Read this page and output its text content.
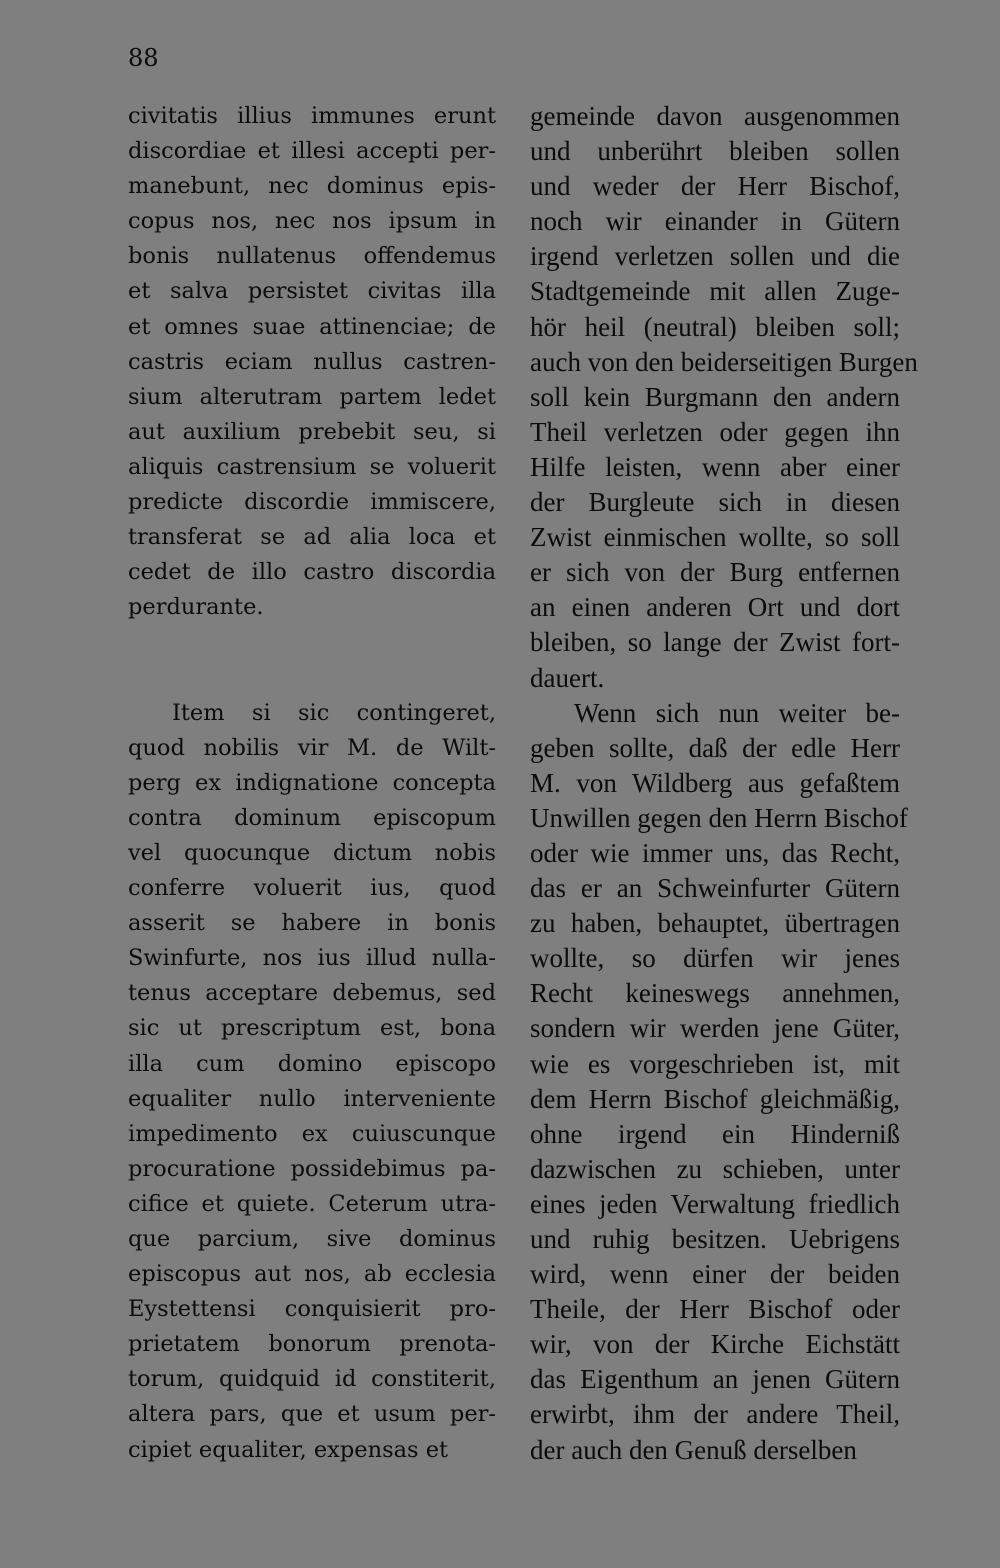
88
civitatis illius immunes erunt
discordiae et illesi accepti per-
manebunt, nec dominus epis-
copus nos, nec nos ipsum in
bonis nullatenus offendemus
et salva persistet civitas illa
et omnes suae attinenciae; de
castris eciam nullus castren-
sium alterutram partem ledet
aut auxilium prebebit seu, si
aliquis castrensium se voluerit
predicte discordie immiscere,
transferat se ad alia loca et
cedet de illo castro discordia
perdurante.
Item si sic contingeret,
quod nobilis vir M. de Wilt-
perg ex indignatione concepta
contra dominum episcopum
vel quocunque dictum nobis
conferre voluerit ius, quod
asserit se habere in bonis
Swinfurte, nos ius illud nulla-
tenus acceptare debemus, sed
sic ut prescriptum est, bona
illa cum domino episcopo
equaliter nullo interveniente
impedimento ex cuiuscunque
procuratione possidebimus pa-
cifice et quiete. Ceterum utra-
que parcium, sive dominus
episcopus aut nos, ab ecclesia
Eystettensi conquisierit pro-
prietatem bonorum prenota-
torum, quidquid id constiterit,
altera pars, que et usum per-
cipiet equaliter, expensas et
gemeinde davon ausgenommen
und unberührt bleiben sollen
und weder der Herr Bischof,
noch wir einander in Gütern
irgend verletzen sollen und die
Stadtgemeinde mit allen Zuge-
hör heil (neutral) bleiben soll;
auch von den beiderseitigen Burgen
soll kein Burgmann den andern
Theil verletzen oder gegen ihn
Hilfe leisten, wenn aber einer
der Burgleute sich in diesen
Zwist einmischen wollte, so soll
er sich von der Burg entfernen
an einen anderen Ort und dort
bleiben, so lange der Zwist fort-
dauert.
Wenn sich nun weiter be-
geben sollte, daß der edle Herr
M. von Wildberg aus gefaßtem
Unwillen gegen den Herrn Bischof
oder wie immer uns, das Recht,
das er an Schweinfurter Gütern
zu haben, behauptet, übertragen
wollte, so dürfen wir jenes
Recht keineswegs annehmen,
sondern wir werden jene Güter,
wie es vorgeschrieben ist, mit
dem Herrn Bischof gleichmäßig,
ohne irgend ein Hinderniß
dazwischen zu schieben, unter
eines jeden Verwaltung friedlich
und ruhig besitzen. Uebrigens
wird, wenn einer der beiden
Theile, der Herr Bischof oder
wir, von der Kirche Eichstätt
das Eigenthum an jenen Gütern
erwirbt, ihm der andere Theil,
der auch den Genuß derselben
